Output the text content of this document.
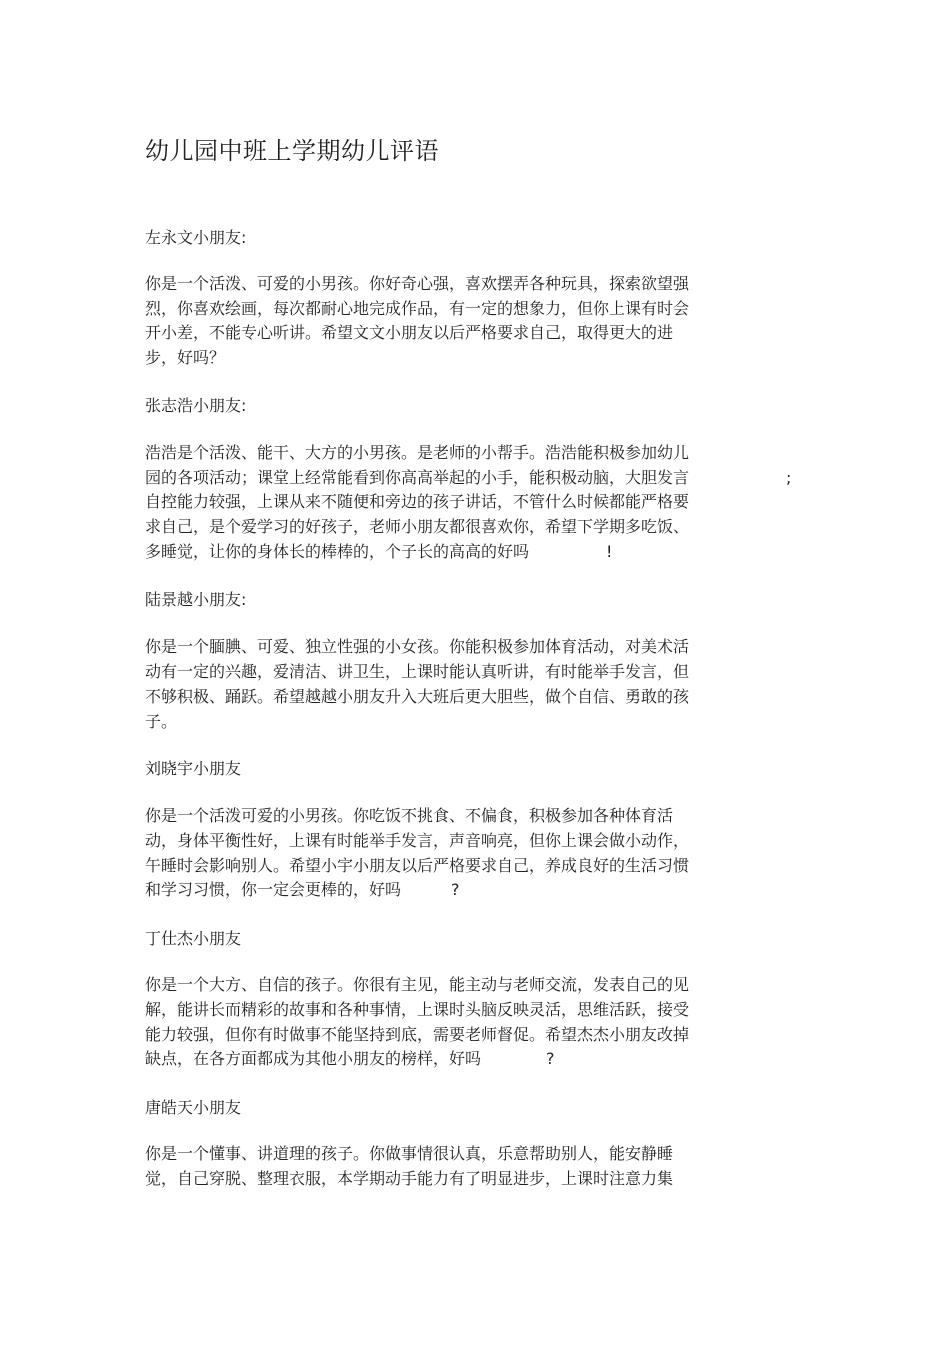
幼儿园中班上学期幼儿评语
左永文小朋友:
你是一个活泼、可爱的小男孩。你好奇心强，喜欢摆弄各种玩具，探索欲望强
烈，你喜欢绘画，每次都耐心地完成作品，有一定的想象力，但你上课有时会
开小差，不能专心听讲。希望文文小朋友以后严格要求自己，取得更大的进
步，好吗？
张志浩小朋友:
浩浩是个活泼、能干、大方的小男孩。是老师的小帮手。浩浩能积极参加幼儿
园的各项活动；课堂上经常能看到你高高举起的小手，能积极动脑，大胆发言	;
自控能力较强，上课从来不随便和旁边的孩子讲话，不管什么时候都能严格要
求自己，是个爱学习的好孩子，老师小朋友都很喜欢你，希望下学期多吃饭、
多睡觉，让你的身体长的棒棒的，个子长的高高的好吗	!
陆景越小朋友:
你是一个腼腆、可爱、独立性强的小女孩。你能积极参加体育活动，对美术活
动有一定的兴趣，爱清洁、讲卫生，上课时能认真听讲，有时能举手发言，但
不够积极、踊跃。希望越越小朋友升入大班后更大胆些，做个自信、勇敢的孩
子。
刘晓宇小朋友
你是一个活泼可爱的小男孩。你吃饭不挑食、不偏食，积极参加各种体育活
动，身体平衡性好，上课有时能举手发言，声音响亮，但你上课会做小动作，
午睡时会影响别人。希望小宇小朋友以后严格要求自己，养成良好的生活习惯
和学习习惯，你一定会更棒的，好吗	?
丁仕杰小朋友
你是一个大方、自信的孩子。你很有主见，能主动与老师交流，发表自己的见
解，能讲长而精彩的故事和各种事情，上课时头脑反映灵活，思维活跃，接受
能力较强，但你有时做事不能坚持到底，需要老师督促。希望杰杰小朋友改掉
缺点，在各方面都成为其他小朋友的榜样，好吗	?
唐皓天小朋友
你是一个懂事、讲道理的孩子。你做事情很认真，乐意帮助别人，能安静睡
觉，自己穿脱、整理衣服，本学期动手能力有了明显进步，上课时注意力集
